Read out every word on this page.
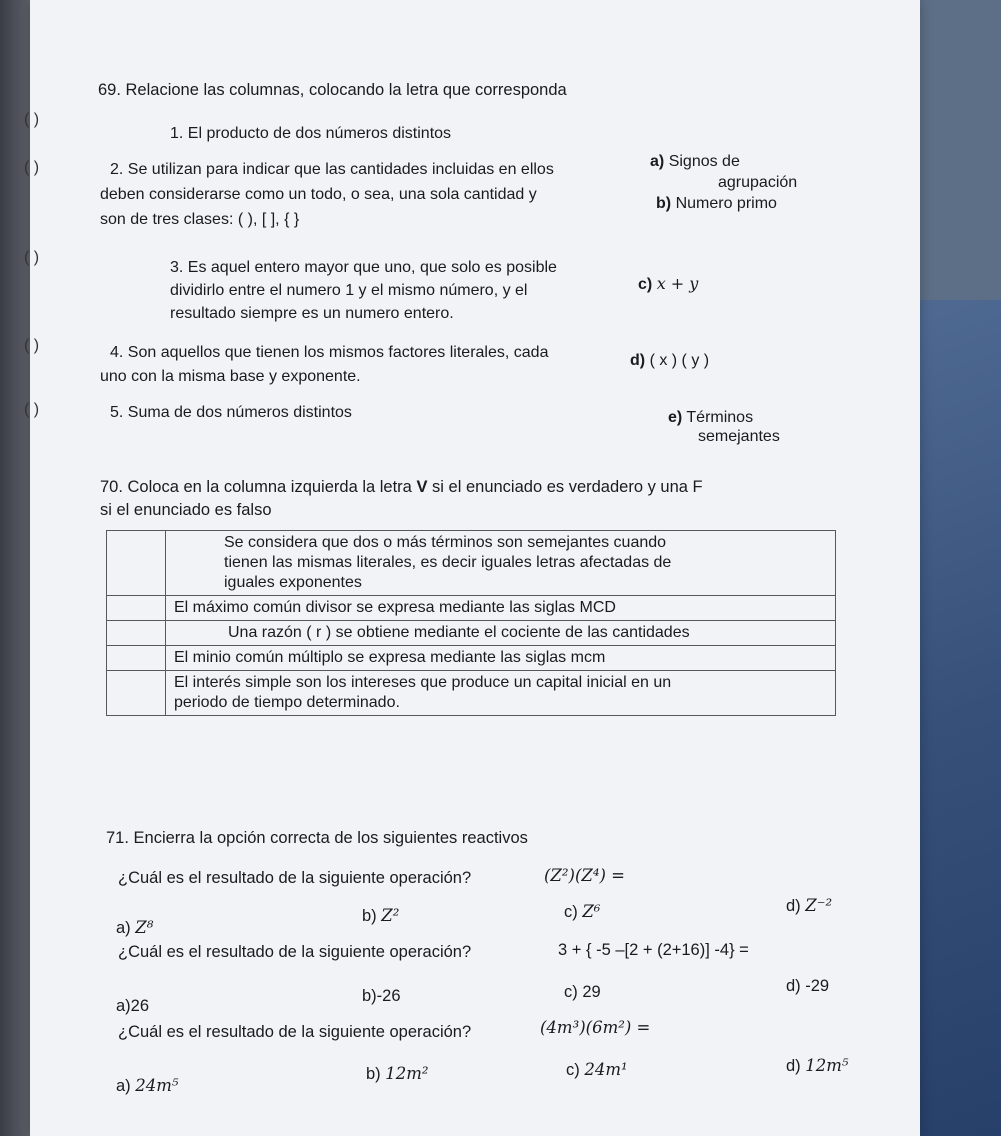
69. Relacione las columnas, colocando la letra que corresponda
( )
1. El producto de dos números distintos
( )	2. Se utilizan para indicar que las cantidades incluidas en ellos
deben considerarse como un todo, o sea, una sola cantidad y
son de tres clases: ( ), [ ], { }
( )
3. Es aquel entero mayor que uno, que solo es posible
dividirlo entre el numero 1 y el mismo número, y el
resultado siempre es un numero entero.
( )	4. Son aquellos que tienen los mismos factores literales, cada
uno con la misma base y exponente.
( )	5. Suma de dos números distintos
a) Signos de
agrupación
b) Numero primo
c) x + y
d) ( x ) ( y )
e) Términos
semejantes
70. Coloca en la columna izquierda la letra V si el enunciado es verdadero y una F
si el enunciado es falso

	Se considera que dos o más términos son semejantes cuando
tienen las mismas literales, es decir iguales letras afectadas de
iguales exponentes

	El máximo común divisor se expresa mediante las siglas MCD

	Una razón ( r ) se obtiene mediante el cociente de las cantidades

	El minio común múltiplo se expresa mediante las siglas mcm

	El interés simple son los intereses que produce un capital inicial en un
periodo de tiempo determinado.
71. Encierra la opción correcta de los siguientes reactivos
¿Cuál es el resultado de la siguiente operación?	(Z²)(Z⁴) =
a) Z⁸
b) Z²	c) Z⁶	d) Z⁻²
¿Cuál es el resultado de la siguiente operación?	3 + { -5 –[2 + (2+16)] -4} =
a)26
b)-26	c) 29	d) -29
¿Cuál es el resultado de la siguiente operación?	(4m³)(6m²) =
a) 24m⁵
b) 12m²	c) 24m¹	d) 12m⁵
